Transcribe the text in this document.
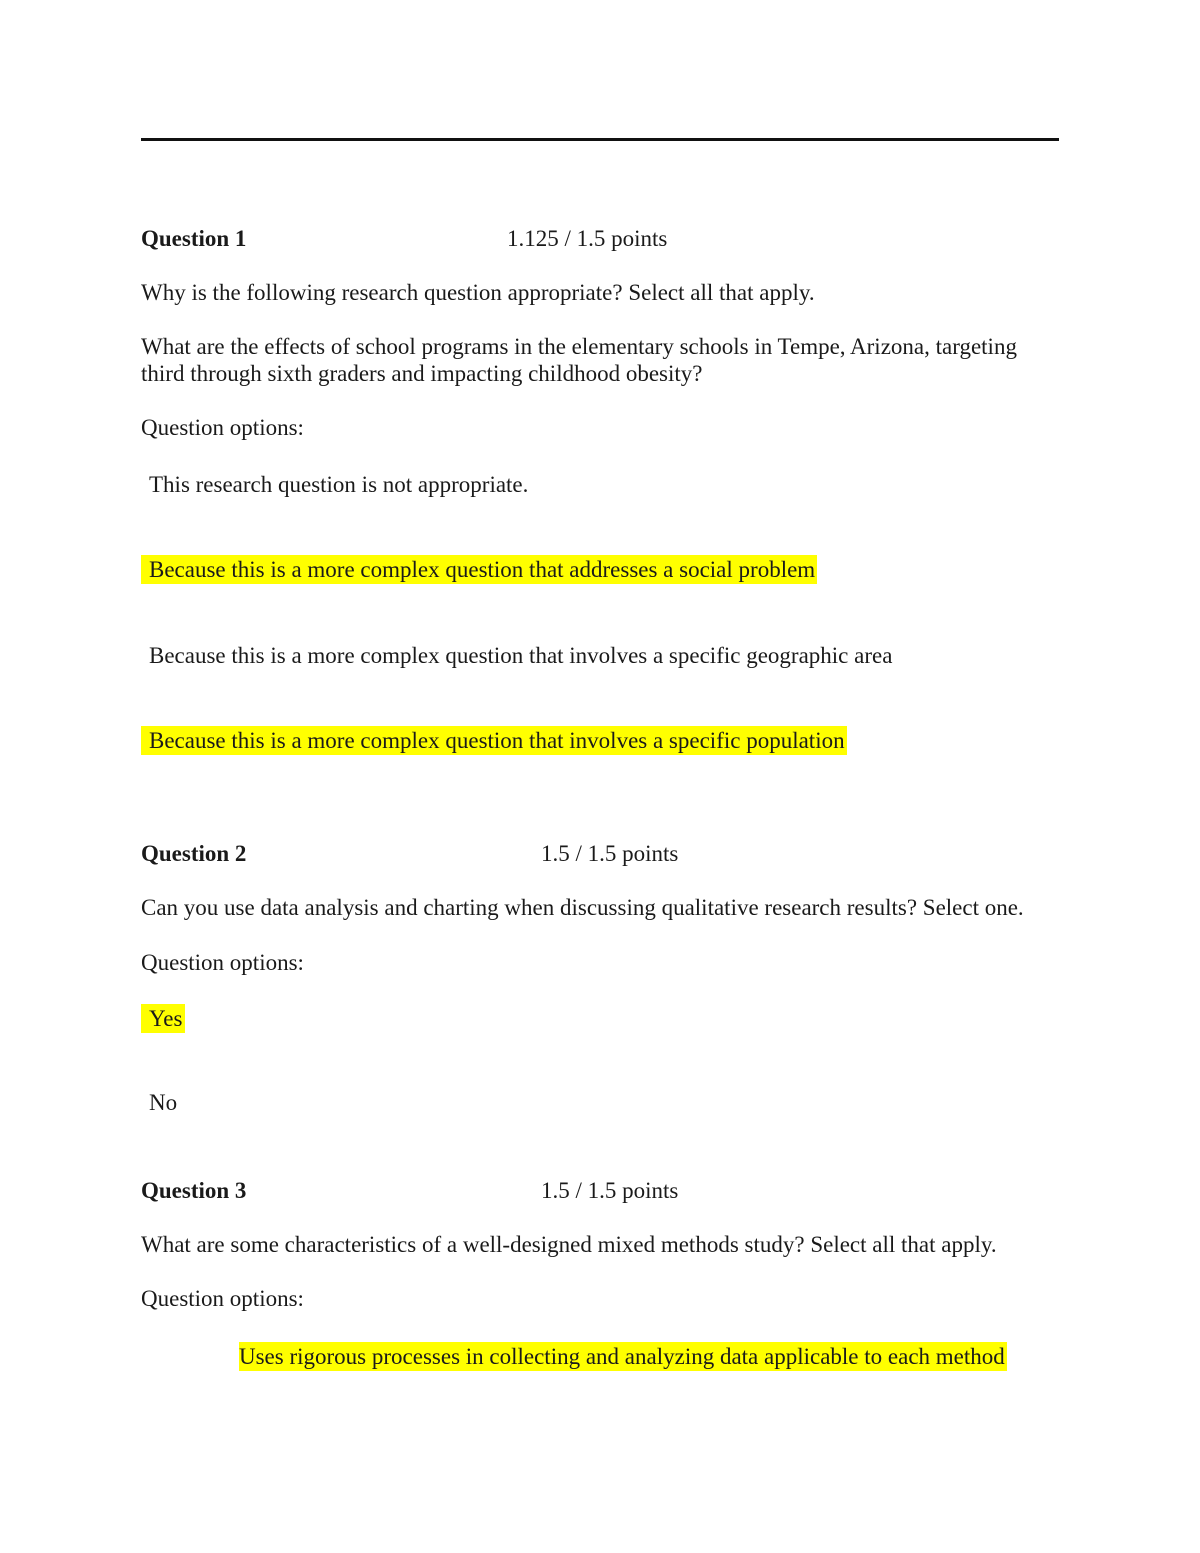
Question 1	1.125 / 1.5 points
Why is the following research question appropriate? Select all that apply.
What are the effects of school programs in the elementary schools in Tempe, Arizona, targeting
third through sixth graders and impacting childhood obesity?
Question options:
This research question is not appropriate.
Because this is a more complex question that addresses a social problem
Because this is a more complex question that involves a specific geographic area
Because this is a more complex question that involves a specific population
Question 2	1.5 / 1.5 points
Can you use data analysis and charting when discussing qualitative research results? Select one.
Question options:
Yes
No
Question 3	1.5 / 1.5 points
What are some characteristics of a well-designed mixed methods study? Select all that apply.
Question options:
Uses rigorous processes in collecting and analyzing data applicable to each method
